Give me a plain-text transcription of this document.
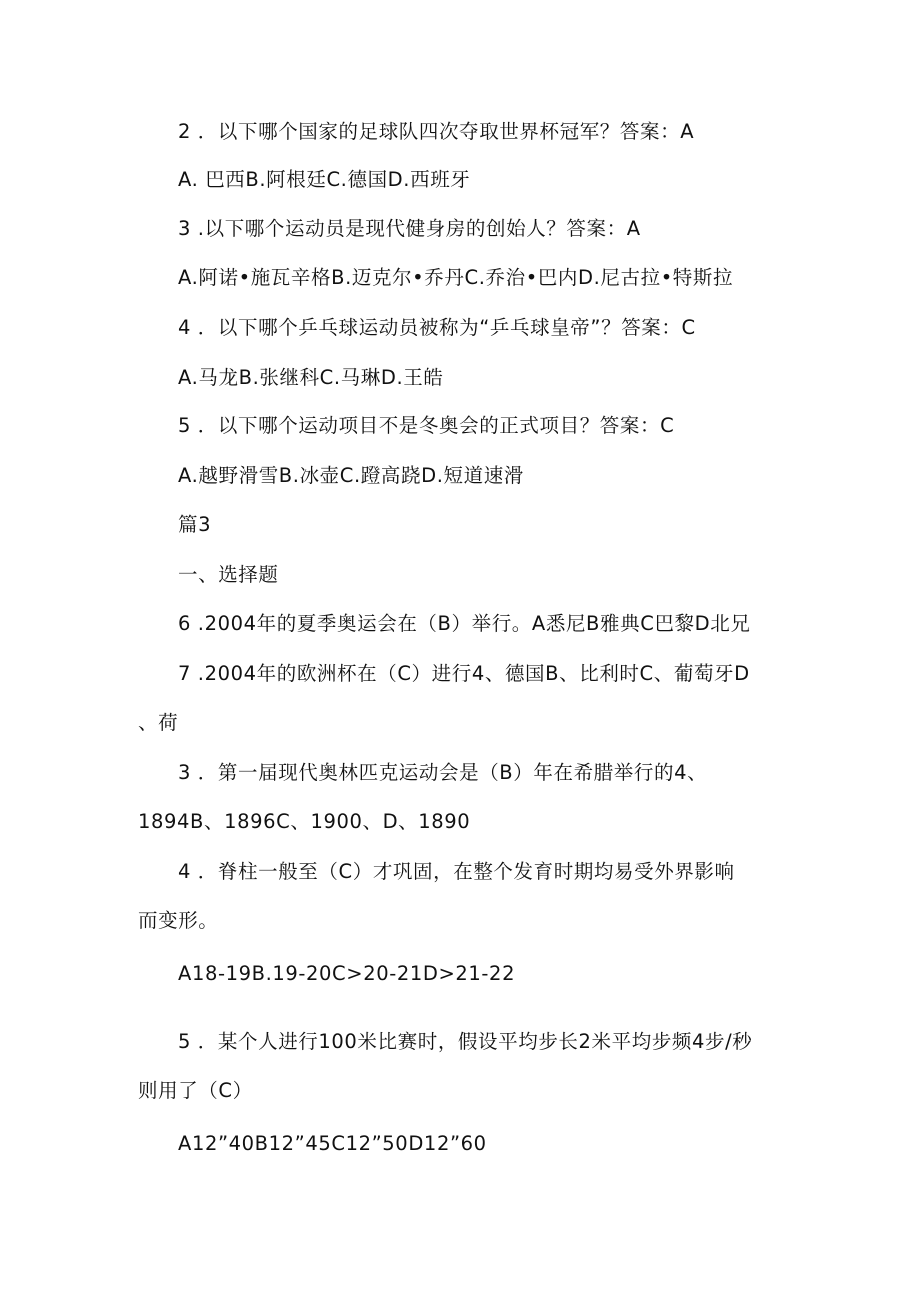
2 ．以下哪个国家的足球队四次夺取世界杯冠军？答案：A
A. 巴西B.阿根廷C.德国D.西班牙
3 .以下哪个运动员是现代健身房的创始人？答案：A
A.阿诺•施瓦辛格B.迈克尔•乔丹C.乔治•巴内D.尼古拉•特斯拉
4 ．以下哪个乒乓球运动员被称为“乒乓球皇帝”？答案：C
A.马龙B.张继科C.马琳D.王皓
5 ．以下哪个运动项目不是冬奥会的正式项目？答案：C
A.越野滑雪B.冰壶C.蹬高跷D.短道速滑
篇3
一、选择题
6 .2004年的夏季奥运会在（B）举行。A悉尼B雅典C巴黎D北兄
7 .2004年的欧洲杯在（C）进行4、德国B、比利时C、葡萄牙D
、荷
3 ．第一届现代奥林匹克运动会是（B）年在希腊举行的4、
1894B、1896C、1900、D、1890
4 ．脊柱一般至（C）才巩固，在整个发育时期均易受外界影响
而变形。
A18-19B.19-20C>20-21D>21-22
5 ．某个人进行100米比赛时，假设平均步长2米平均步频4步/秒
则用了（C）
A12”40B12”45C12”50D12”60
